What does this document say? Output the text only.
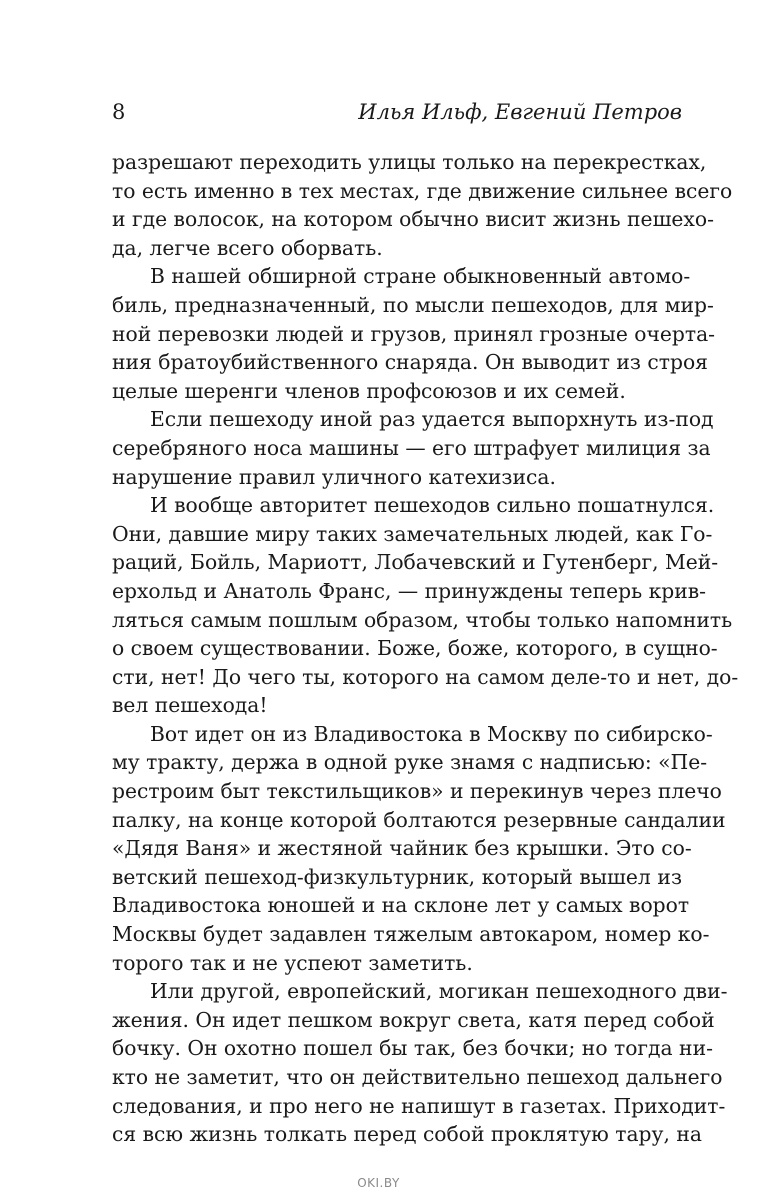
8	Илья Ильф, Евгений Петров
разрешают переходить улицы только на перекрестках,
то есть именно в тех местах, где движение сильнее всего
и где волосок, на котором обычно висит жизнь пешехо-
да, легче всего оборвать.
В нашей обширной стране обыкновенный автомо-
биль, предназначенный, по мысли пешеходов, для мир-
ной перевозки людей и грузов, принял грозные очерта-
ния братоубийственного снаряда. Он выводит из строя
целые шеренги членов профсоюзов и их семей.
Если пешеходу иной раз удается выпорхнуть из-под
серебряного носа машины — его штрафует милиция за
нарушение правил уличного катехизиса.
И вообще авторитет пешеходов сильно пошатнулся.
Они, давшие миру таких замечательных людей, как Го-
раций, Бойль, Мариотт, Лобачевский и Гутенберг, Мей-
ерхольд и Анатоль Франс, — принуждены теперь крив-
ляться самым пошлым образом, чтобы только напомнить
о своем существовании. Боже, боже, которого, в сущно-
сти, нет! До чего ты, которого на самом деле-то и нет, до-
вел пешехода!
Вот идет он из Владивостока в Москву по сибирско-
му тракту, держа в одной руке знамя с надписью: «Пе-
рестроим быт текстильщиков» и перекинув через плечо
палку, на конце которой болтаются резервные сандалии
«Дядя Ваня» и жестяной чайник без крышки. Это со-
ветский пешеход-физкультурник, который вышел из
Владивостока юношей и на склоне лет у самых ворот
Москвы будет задавлен тяжелым автокаром, номер ко-
торого так и не успеют заметить.
Или другой, европейский, могикан пешеходного дви-
жения. Он идет пешком вокруг света, катя перед собой
бочку. Он охотно пошел бы так, без бочки; но тогда ни-
кто не заметит, что он действительно пешеход дальнего
следования, и про него не напишут в газетах. Приходит-
ся всю жизнь толкать перед собой проклятую тару, на
OKI.BY
